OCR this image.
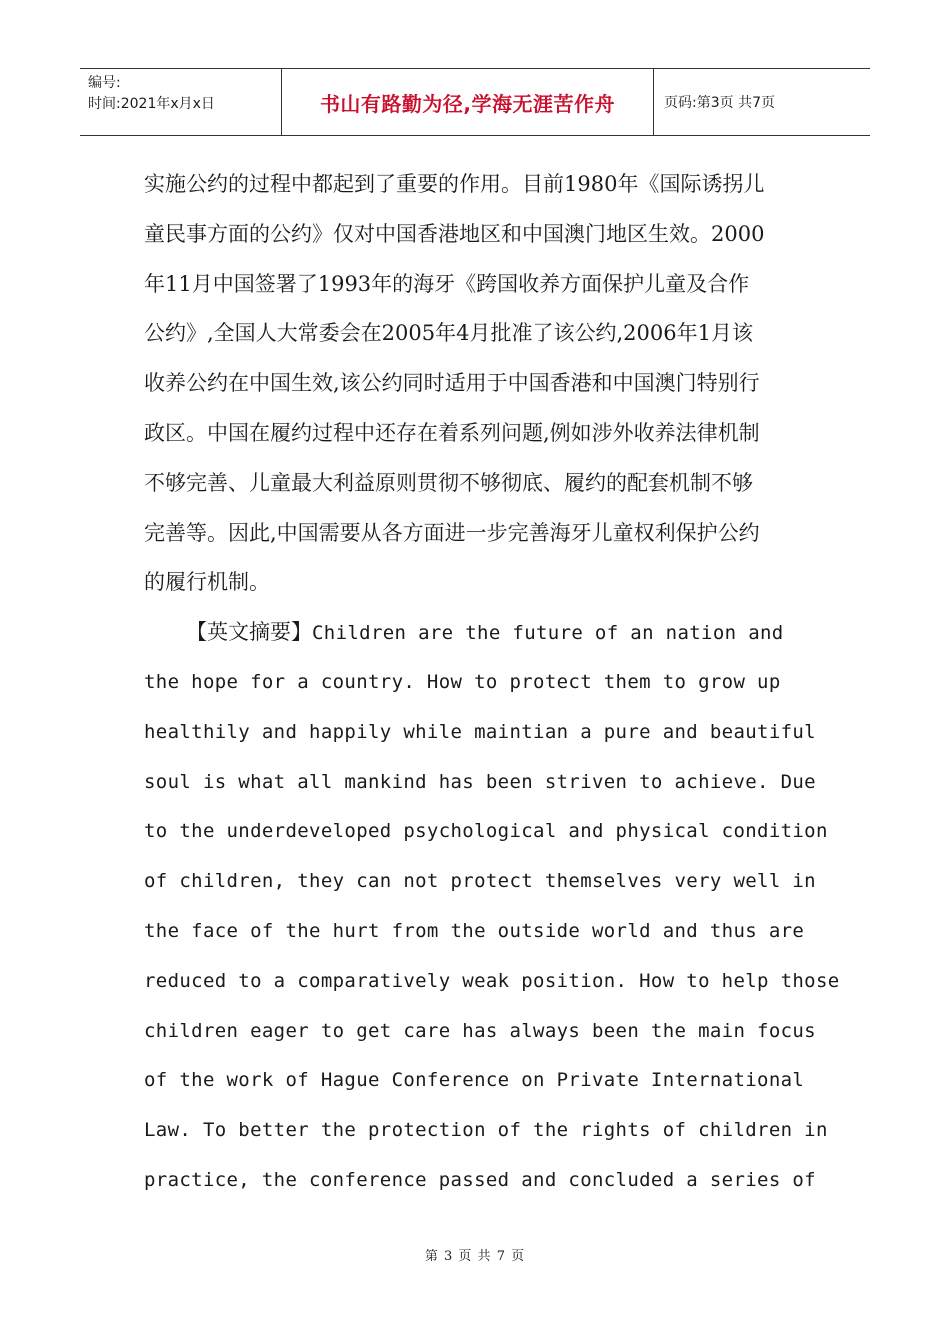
编号:
时间:2021年x月x日	书山有路勤为径,学海无涯苦作舟	页码:第3页 共7页
实施公约的过程中都起到了重要的作用。目前1980年《国际诱拐儿
童民事方面的公约》仅对中国香港地区和中国澳门地区生效。2000
年11月中国签署了1993年的海牙《跨国收养方面保护儿童及合作
公约》,全国人大常委会在2005年4月批准了该公约,2006年1月该
收养公约在中国生效,该公约同时适用于中国香港和中国澳门特别行
政区。中国在履约过程中还存在着系列问题,例如涉外收养法律机制
不够完善、儿童最大利益原则贯彻不够彻底、履约的配套机制不够
完善等。因此,中国需要从各方面进一步完善海牙儿童权利保护公约
的履行机制。
【英文摘要】Children are the future of an nation and
the hope for a country. How to protect them to grow up
healthily and happily while maintian a pure and beautiful
soul is what all mankind has been striven to achieve. Due
to the underdeveloped psychological and physical condition
of children, they can not protect themselves very well in
the face of the hurt from the outside world and thus are
reduced to a comparatively weak position. How to help those
children eager to get care has always been the main focus
of the work of Hague Conference on Private International
Law. To better the protection of the rights of children in
practice, the conference passed and concluded a series of
第 3 页 共 7 页
